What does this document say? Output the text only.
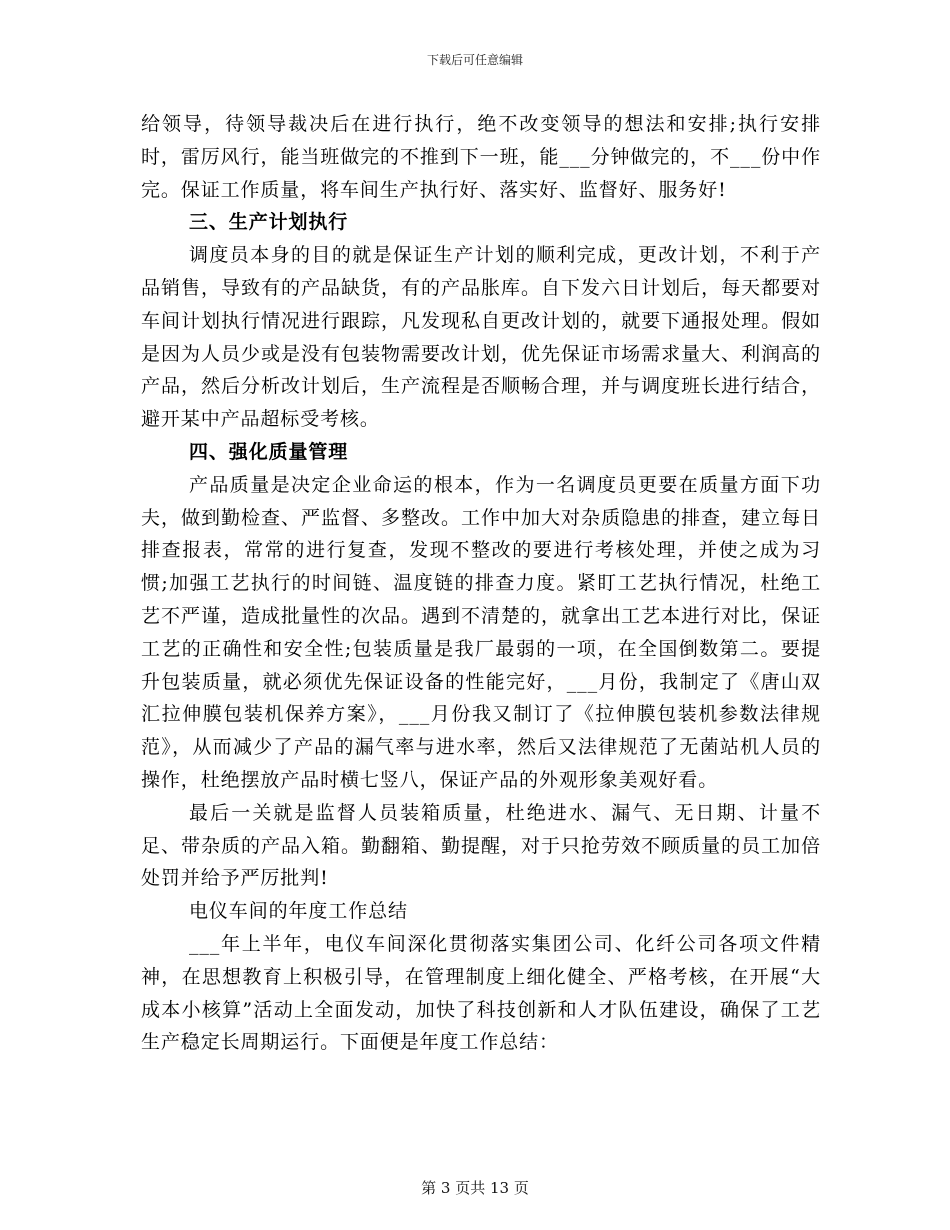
下载后可任意编辑

给领导，待领导裁决后在进行执行，绝不改变领导的想法和安排;执行安排时，雷厉风行，能当班做完的不推到下一班，能___分钟做完的，不___份中作完。保证工作质量，将车间生产执行好、落实好、监督好、服务好!

三、生产计划执行

调度员本身的目的就是保证生产计划的顺利完成，更改计划，不利于产品销售，导致有的产品缺货，有的产品胀库。自下发六日计划后，每天都要对车间计划执行情况进行跟踪，凡发现私自更改计划的，就要下通报处理。假如是因为人员少或是没有包装物需要改计划，优先保证市场需求量大、利润高的产品，然后分析改计划后，生产流程是否顺畅合理，并与调度班长进行结合，避开某中产品超标受考核。

四、强化质量管理

产品质量是决定企业命运的根本，作为一名调度员更要在质量方面下功夫，做到勤检查、严监督、多整改。工作中加大对杂质隐患的排查，建立每日排查报表，常常的进行复查，发现不整改的要进行考核处理，并使之成为习惯;加强工艺执行的时间链、温度链的排查力度。紧盯工艺执行情况，杜绝工艺不严谨，造成批量性的次品。遇到不清楚的，就拿出工艺本进行对比，保证工艺的正确性和安全性;包装质量是我厂最弱的一项，在全国倒数第二。要提升包装质量，就必须优先保证设备的性能完好，___月份，我制定了《唐山双汇拉伸膜包装机保养方案》，___月份我又制订了《拉伸膜包装机参数法律规范》，从而减少了产品的漏气率与进水率，然后又法律规范了无菌站机人员的操作，杜绝摆放产品时横七竖八，保证产品的外观形象美观好看。

最后一关就是监督人员装箱质量，杜绝进水、漏气、无日期、计量不足、带杂质的产品入箱。勤翻箱、勤提醒，对于只抢劳效不顾质量的员工加倍处罚并给予严厉批判!

电仪车间的年度工作总结

___年上半年，电仪车间深化贯彻落实集团公司、化纤公司各项文件精神，在思想教育上积极引导，在管理制度上细化健全、严格考核，在开展“大成本小核算”活动上全面发动，加快了科技创新和人才队伍建设，确保了工艺生产稳定长周期运行。下面便是年度工作总结：

第 3 页共 13 页
